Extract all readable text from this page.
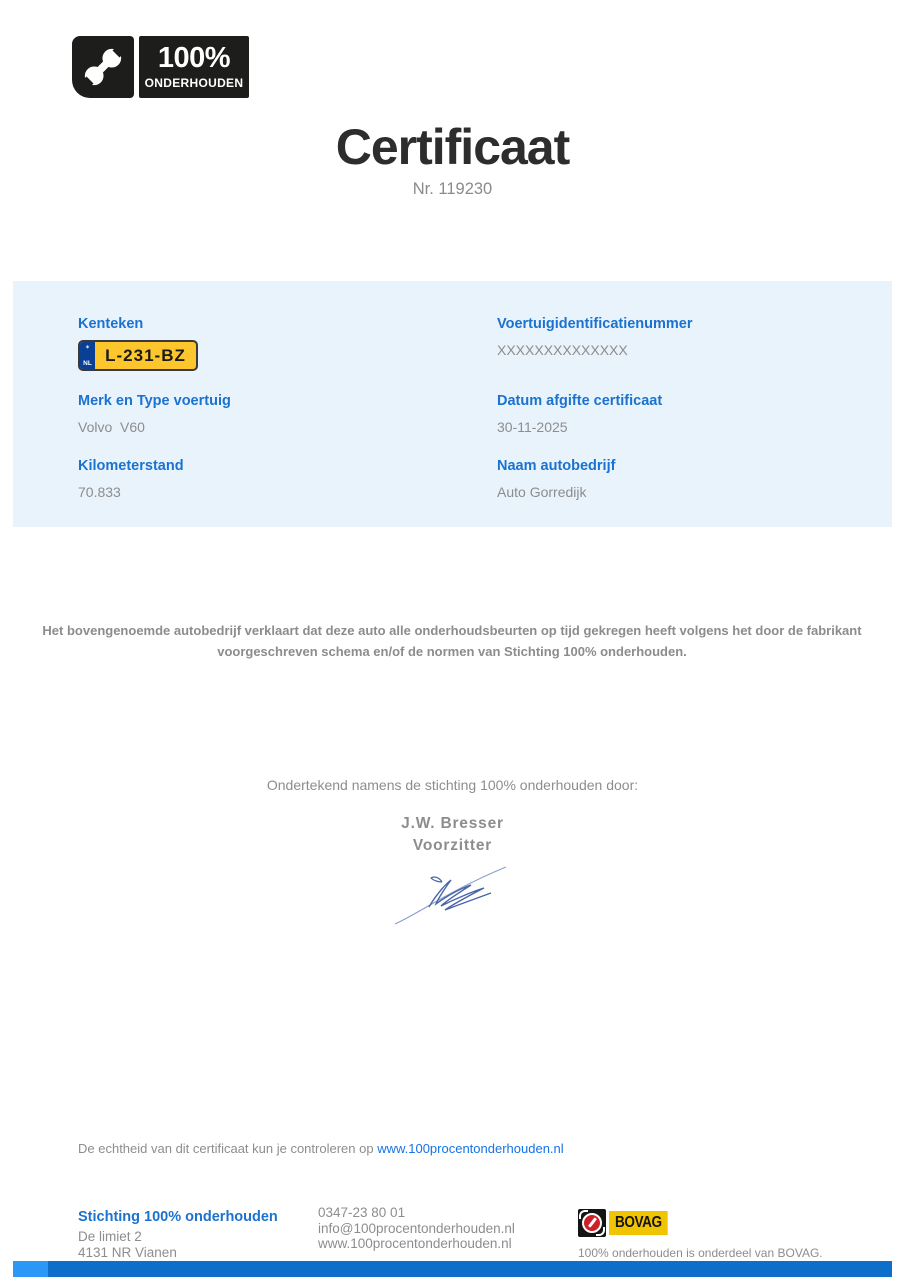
100%
ONDERHOUDEN
Certificaat
Nr. 119230
Kenteken
✶
NL L-231-BZ
Voertuigidentificatienummer
XXXXXXXXXXXXXX
Merk en Type voertuig
Volvo  V60
Datum afgifte certificaat
30-11-2025
Kilometerstand
70.833
Naam autobedrijf
Auto Gorredijk

Het bovengenoemde autobedrijf verklaart dat deze auto alle onderhoudsbeurten op tijd gekregen heeft volgens het door de fabrikant voorgeschreven schema en/of de normen van Stichting 100% onderhouden.

Ondertekend namens de stichting 100% onderhouden door:
J.W. Bresser
Voorzitter
De echtheid van dit certificaat kun je controleren op www.100procentonderhouden.nl
Stichting 100% onderhouden
De limiet 2
4131 NR Vianen
0347-23 80 01
info@100procentonderhouden.nl
www.100procentonderhouden.nl
BOVAG
100% onderhouden is onderdeel van BOVAG.
